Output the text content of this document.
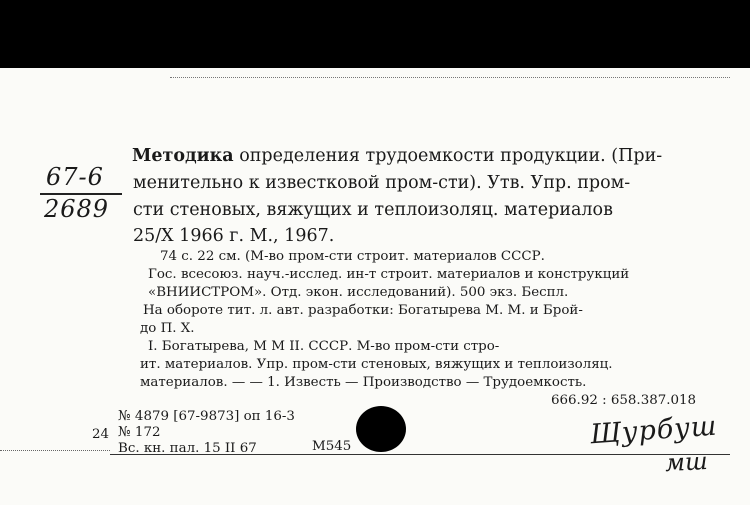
67-6
2689
Методика определения трудоемкости продукции. (При-
менительно к известковой пром-сти). Утв. Упр. пром-
сти стеновых, вяжущих и теплоизоляц. материалов
25/X 1966 г. М., 1967.
74 с. 22 см. (М-во пром-сти строит. материалов СССР.
Гос. всесоюз. науч.-исслед. ин-т строит. материалов и конструкций
«ВНИИСТРОМ». Отд. экон. исследований). 500 экз. Беспл.
На обороте тит. л. авт. разработки: Богатырева М. М. и Брой-
до П. Х.
I. Богатырева, М М II. СССР. М-во пром-сти стро-
ит. материалов. Упр. пром-сти стеновых, вяжущих и теплоизоляц.
материалов. — — 1. Известь — Производство — Трудоемкость.
666.92 : 658.387.018
№ 4879 [67-9873] оп 16-3
24 № 172
Вс. кн. пал. 15 II 67	М545	Щурбуш
мш
